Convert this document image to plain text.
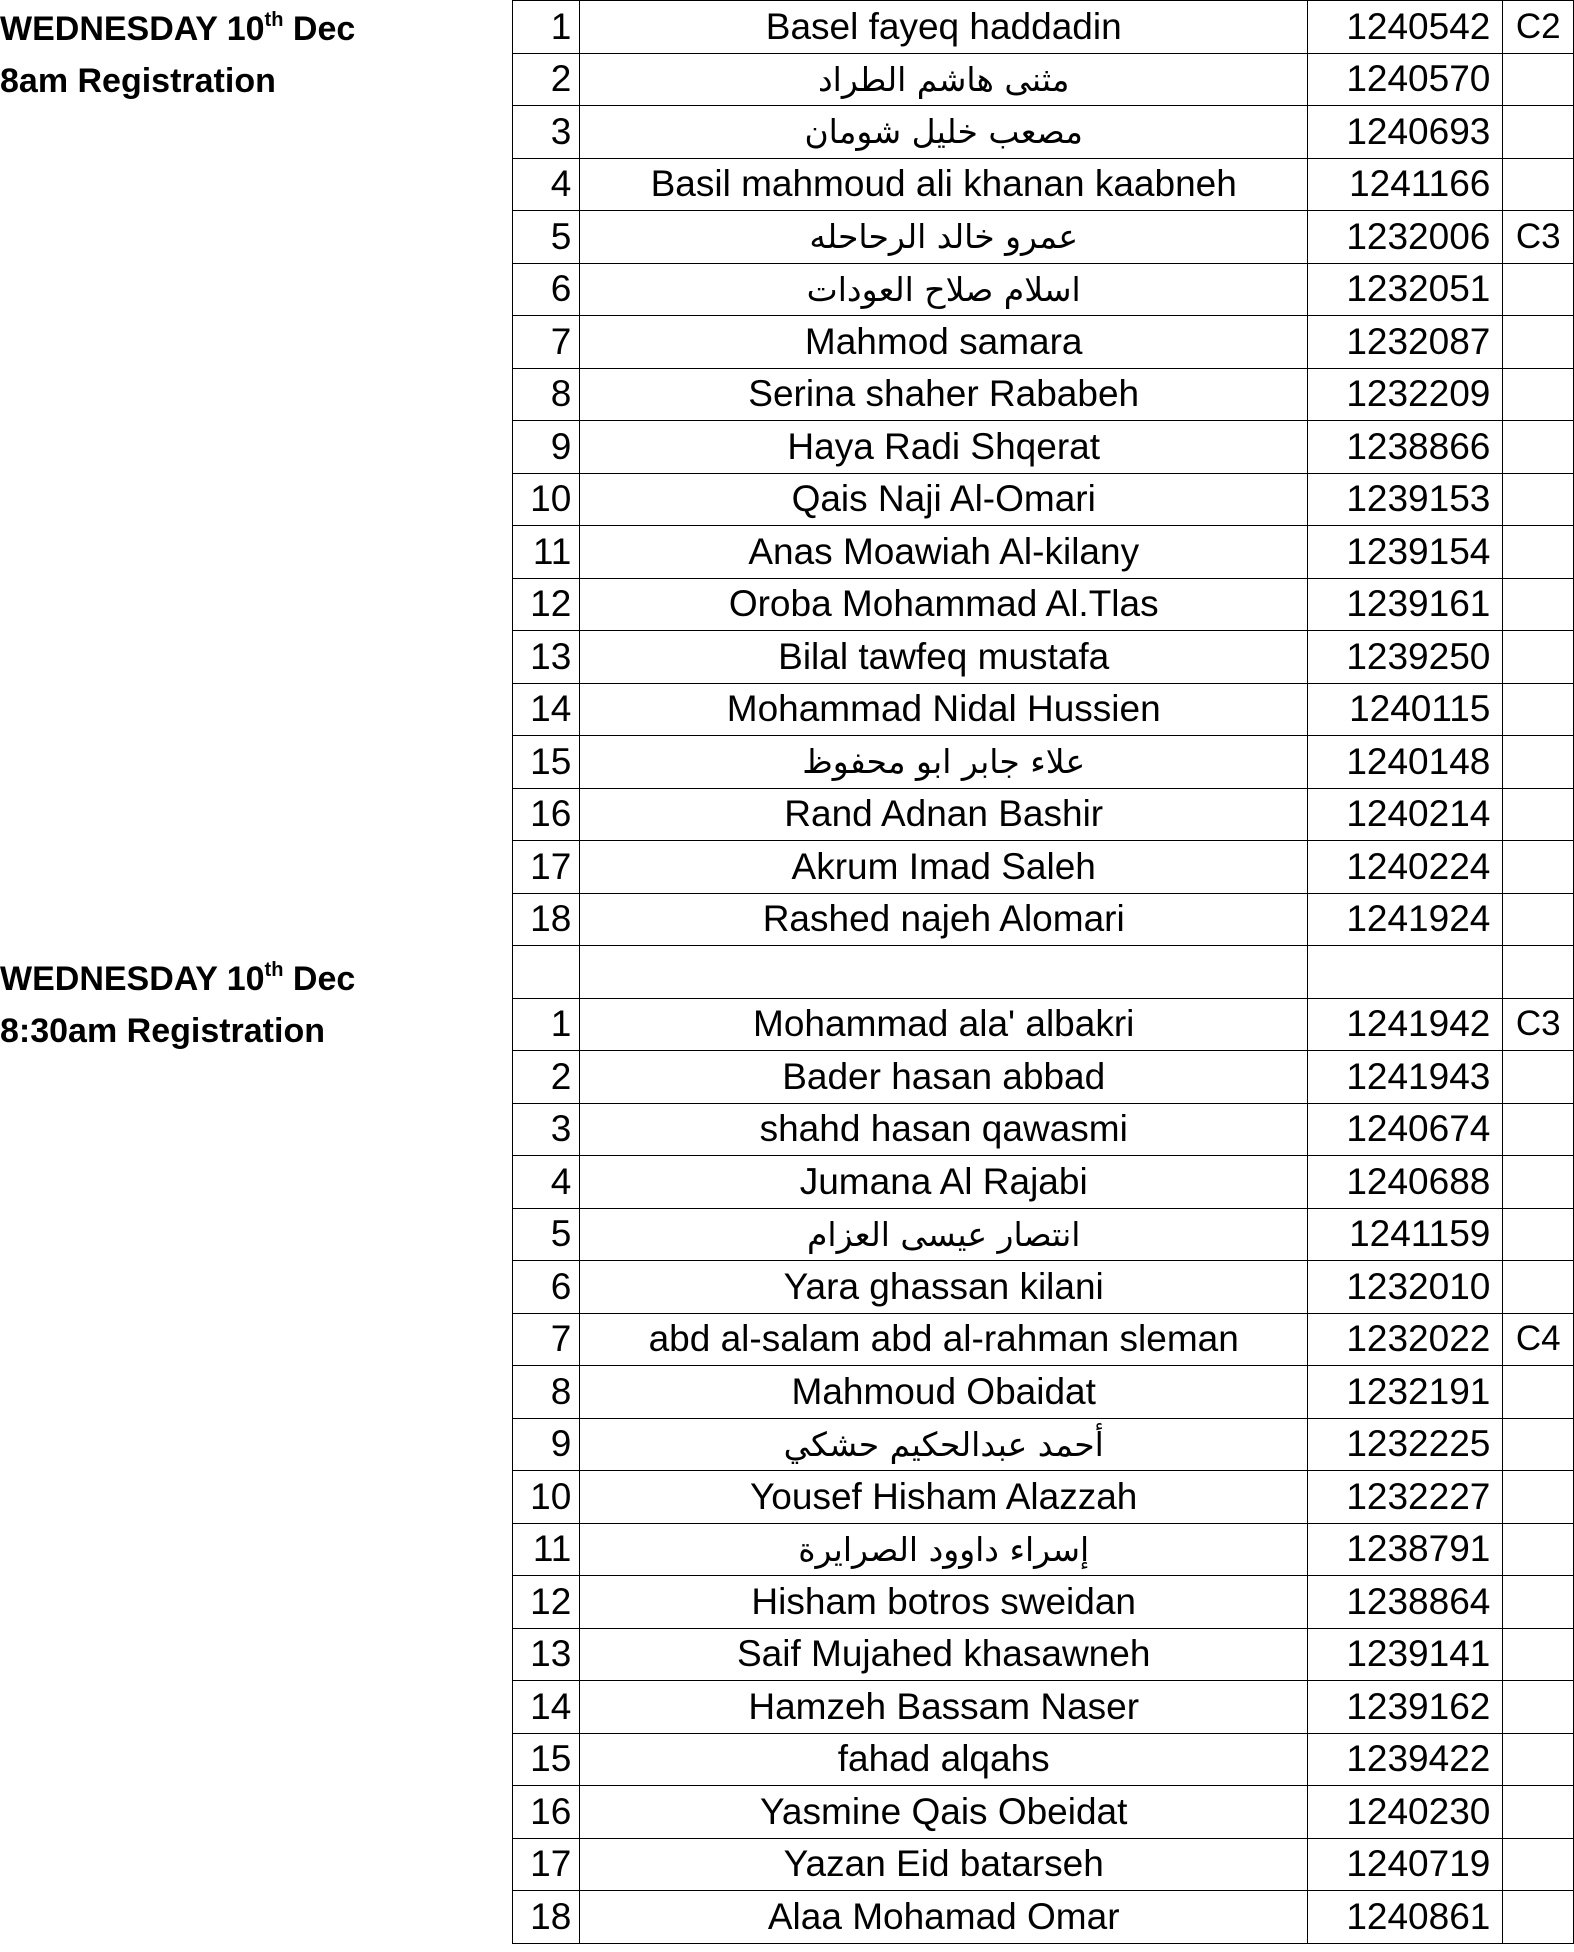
WEDNESDAY 10th Dec
8am Registration
WEDNESDAY 10th Dec
8:30am Registration
1	Basel fayeq haddadin	1240542	C2
2	مثنى هاشم الطراد	1240570	
3	مصعب خليل شومان	1240693	
4	Basil mahmoud ali khanan kaabneh	1241166	
5	عمرو خالد الرحاحله	1232006	C3
6	اسلام صلاح العودات	1232051	
7	Mahmod samara	1232087	
8	Serina shaher Rababeh	1232209	
9	Haya Radi Shqerat	1238866	
10	Qais Naji Al-Omari	1239153	
11	Anas Moawiah Al-kilany	1239154	
12	Oroba Mohammad Al.Tlas	1239161	
13	Bilal tawfeq mustafa	1239250	
14	Mohammad Nidal Hussien	1240115	
15	علاء جابر ابو محفوظ	1240148	
16	Rand Adnan Bashir	1240214	
17	Akrum Imad Saleh	1240224	
18	Rashed najeh Alomari	1241924	

1	Mohammad ala' albakri	1241942	C3
2	Bader hasan abbad	1241943	
3	shahd hasan qawasmi	1240674	
4	Jumana Al Rajabi	1240688	
5	انتصار عيسى العزام	1241159	
6	Yara ghassan kilani	1232010	
7	abd al-salam abd al-rahman sleman	1232022	C4
8	Mahmoud Obaidat	1232191	
9	أحمد عبدالحكيم حشكي	1232225	
10	Yousef Hisham Alazzah	1232227	
11	إسراء داوود الصرايرة	1238791	
12	Hisham botros sweidan	1238864	
13	Saif Mujahed khasawneh	1239141	
14	Hamzeh Bassam Naser	1239162	
15	fahad alqahs	1239422	
16	Yasmine Qais Obeidat	1240230	
17	Yazan Eid batarseh	1240719	
18	Alaa Mohamad Omar	1240861	
